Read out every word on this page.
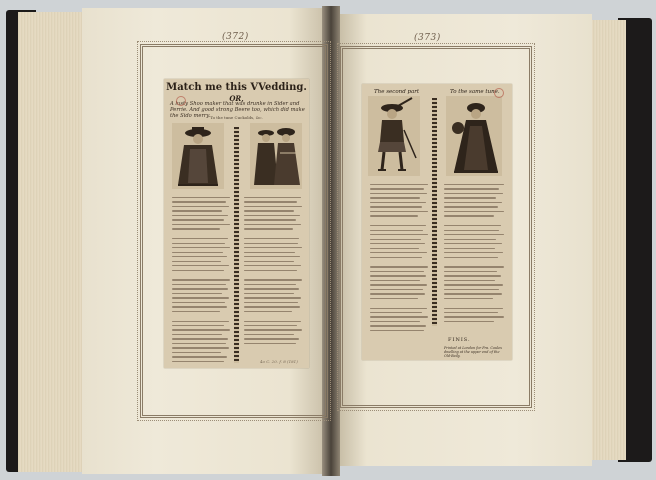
(372)	(373)
Match me this VVedding.
OR,
A lusty Shoo maker that was drunke in Sider and Perrie. And good strong Beere too, which did make the Sido merry. To the tune Cuckolds, &c.
4o C. 20. f. 8 (181)
The second part	To the same tune.
FINIS.
Printed at London for Fra. Coules dwelling at the upper end of the Old-Baily.
